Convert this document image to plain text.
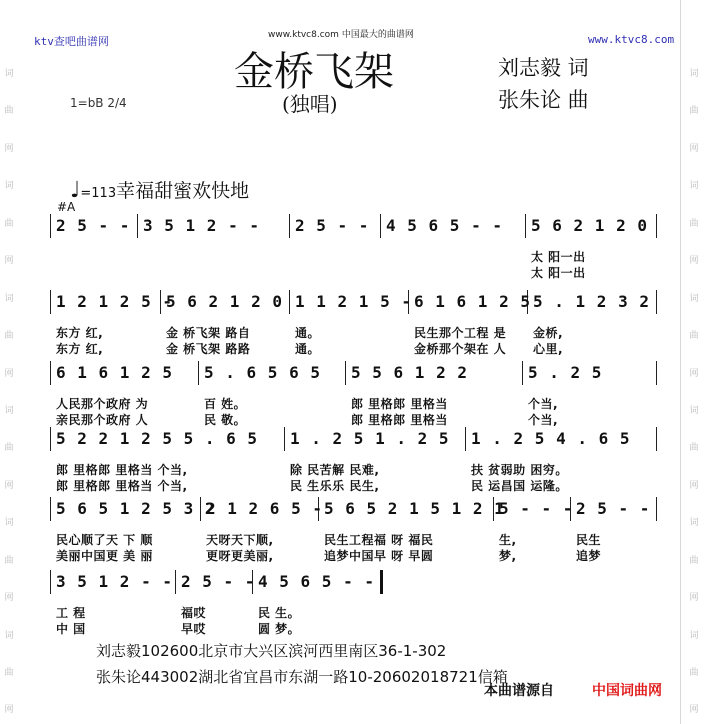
词
曲
网
词
曲
网
词
曲
网
词
曲
网
词
曲
网
词
曲
网
词
曲
网
词
曲
网
词
曲
网
词
曲
网
词
曲
网
词
曲
网
ktv查吧曲谱网	www.ktvc8.com 中国最大的曲谱网	www.ktvc8.com
金桥飞架
(独唱)
刘志毅 词
张朱论 曲
1=bB 2/4
♩=113幸福甜蜜欢快地
#A
2 5 - - 3 5 1 2 - - 2 5 - - 4 5 6 5 - - 5 6 2 1 2 0
太 阳一出
太 阳一出
1 2 1 2 5 -
东方 红,
东方 红,
5 6 2 1 2 0
金 桥飞架 路自
金 桥飞架 路路
1 1 2 1 5 -
通。
通。
6 1 6 1 2 5
民生那个工程 是
金桥那个架在 人
5 . 1 2 3 2
金桥,
心里,
6 1 6 1 2 5
人民那个政府 为
亲民那个政府 人
5 . 6 5 6 5
百 姓。
民 敬。
5 5 6 1 2 2
郎 里格郎 里格当
郎 里格郎 里格当
5 . 2 5
个当,
个当,
5 2 2 1 2 5 5 . 6 5
郎 里格郎 里格当 个当,
郎 里格郎 里格当 个当,
1 . 2 5 1 . 2 5
除 民苦解 民难,
民 生乐乐 民生,
1 . 2 5 4 . 6 5
扶 贫弱助 困穷。
民 运昌国 运隆。
5 6 5 1 2 5 3 2
民心顺了天 下 顺
美丽中国更 美 丽
2 1 2 6 5 -
天呀天下顺,
更呀更美丽,
5 6 5 2 1 5 1 2 1
民生工程福 呀 福民
追梦中国早 呀 早圆
5 - - -
生,
梦,
2 5 - -
民生
追梦
3 5 1 2 - -
工 程
中 国
2 5 - -
福哎
早哎
4 5 6 5 - -
民 生。
圆 梦。
刘志毅102600北京市大兴区滨河西里南区36-1-302
张朱论443002湖北省宜昌市东湖一路10-20602018721信箱
本曲谱源自	中国词曲网
